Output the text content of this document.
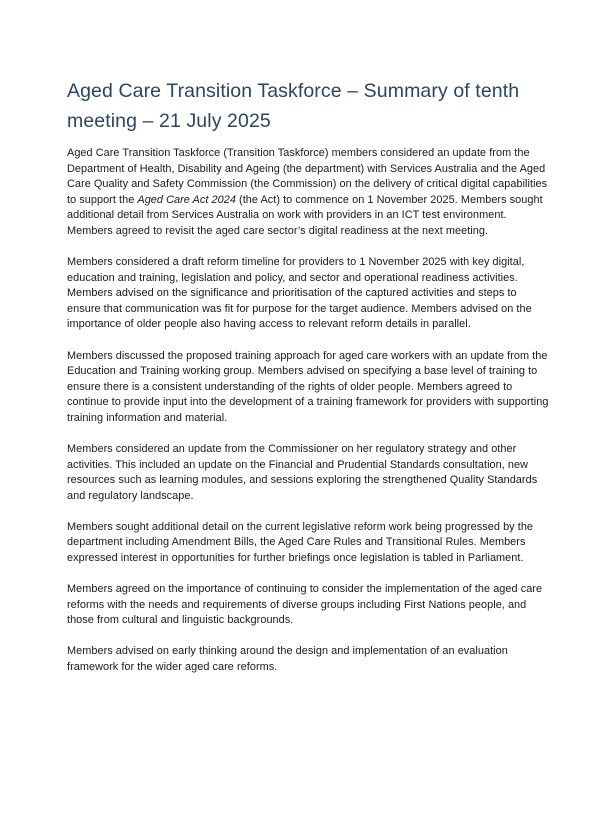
Aged Care Transition Taskforce – Summary of tenth meeting – 21 July 2025

Aged Care Transition Taskforce (Transition Taskforce) members considered an update from the Department of Health, Disability and Ageing (the department) with Services Australia and the Aged Care Quality and Safety Commission (the Commission) on the delivery of critical digital capabilities to support the Aged Care Act 2024 (the Act) to commence on 1 November 2025. Members sought additional detail from Services Australia on work with providers in an ICT test environment. Members agreed to revisit the aged care sector’s digital readiness at the next meeting.

Members considered a draft reform timeline for providers to 1 November 2025 with key digital, education and training, legislation and policy, and sector and operational readiness activities. Members advised on the significance and prioritisation of the captured activities and steps to ensure that communication was fit for purpose for the target audience. Members advised on the importance of older people also having access to relevant reform details in parallel.

Members discussed the proposed training approach for aged care workers with an update from the Education and Training working group. Members advised on specifying a base level of training to ensure there is a consistent understanding of the rights of older people. Members agreed to continue to provide input into the development of a training framework for providers with supporting training information and material.

Members considered an update from the Commissioner on her regulatory strategy and other activities. This included an update on the Financial and Prudential Standards consultation, new resources such as learning modules, and sessions exploring the strengthened Quality Standards and regulatory landscape.

Members sought additional detail on the current legislative reform work being progressed by the department including Amendment Bills, the Aged Care Rules and Transitional Rules. Members expressed interest in opportunities for further briefings once legislation is tabled in Parliament.

Members agreed on the importance of continuing to consider the implementation of the aged care reforms with the needs and requirements of diverse groups including First Nations people, and those from cultural and linguistic backgrounds.

Members advised on early thinking around the design and implementation of an evaluation framework for the wider aged care reforms.
